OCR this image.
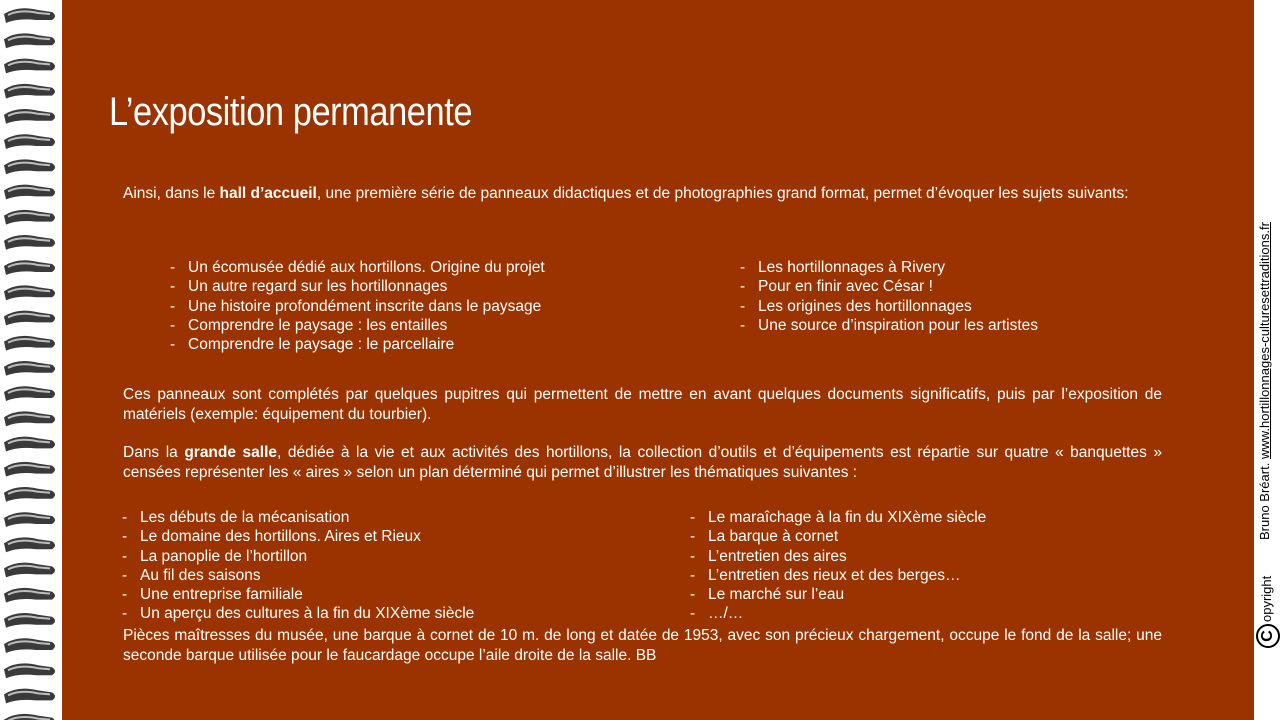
L’exposition permanente

Ainsi, dans le hall d’accueil, une première série de panneaux didactiques et de photographies grand format, permet d’évoquer les sujets suivants:

- Un écomusée dédié aux hortillons. Origine du projet
- Un autre regard sur les hortillonnages
- Une histoire profondément inscrite dans le paysage
- Comprendre le paysage : les entailles
- Comprendre le paysage : le parcellaire
- Les hortillonnages à Rivery
- Pour en finir avec César !
- Les origines des hortillonnages
- Une source d’inspiration pour les artistes

Ces panneaux sont complétés par quelques pupitres qui permettent de mettre en avant quelques documents significatifs, puis par l’exposition de matériels (exemple: équipement du tourbier).

Dans la grande salle, dédiée à la vie et aux activités des hortillons, la collection d’outils et d’équipements est répartie sur quatre « banquettes » censées représenter les « aires » selon un plan déterminé qui permet d’illustrer les thématiques suivantes :

- Les débuts de la mécanisation
- Le domaine des hortillons. Aires et Rieux
- La panoplie de l’hortillon
- Au fil des saisons
- Une entreprise familiale
- Un aperçu des cultures à la fin du XIXème siècle
- Le maraîchage à la fin du XIXème siècle
- La barque à cornet
- L’entretien des aires
- L’entretien des rieux et des berges…
- Le marché sur l’eau
- …/…

Pièces maîtresses du musée, une barque à cornet de 10 m. de long et datée de 1953, avec son précieux chargement, occupe le fond de la salle; une seconde barque utilisée pour le faucardage occupe l’aile droite de la salle. BB

Bruno Bréart. www.hortillonnages-culturesettraditions.fr
C
opyright
